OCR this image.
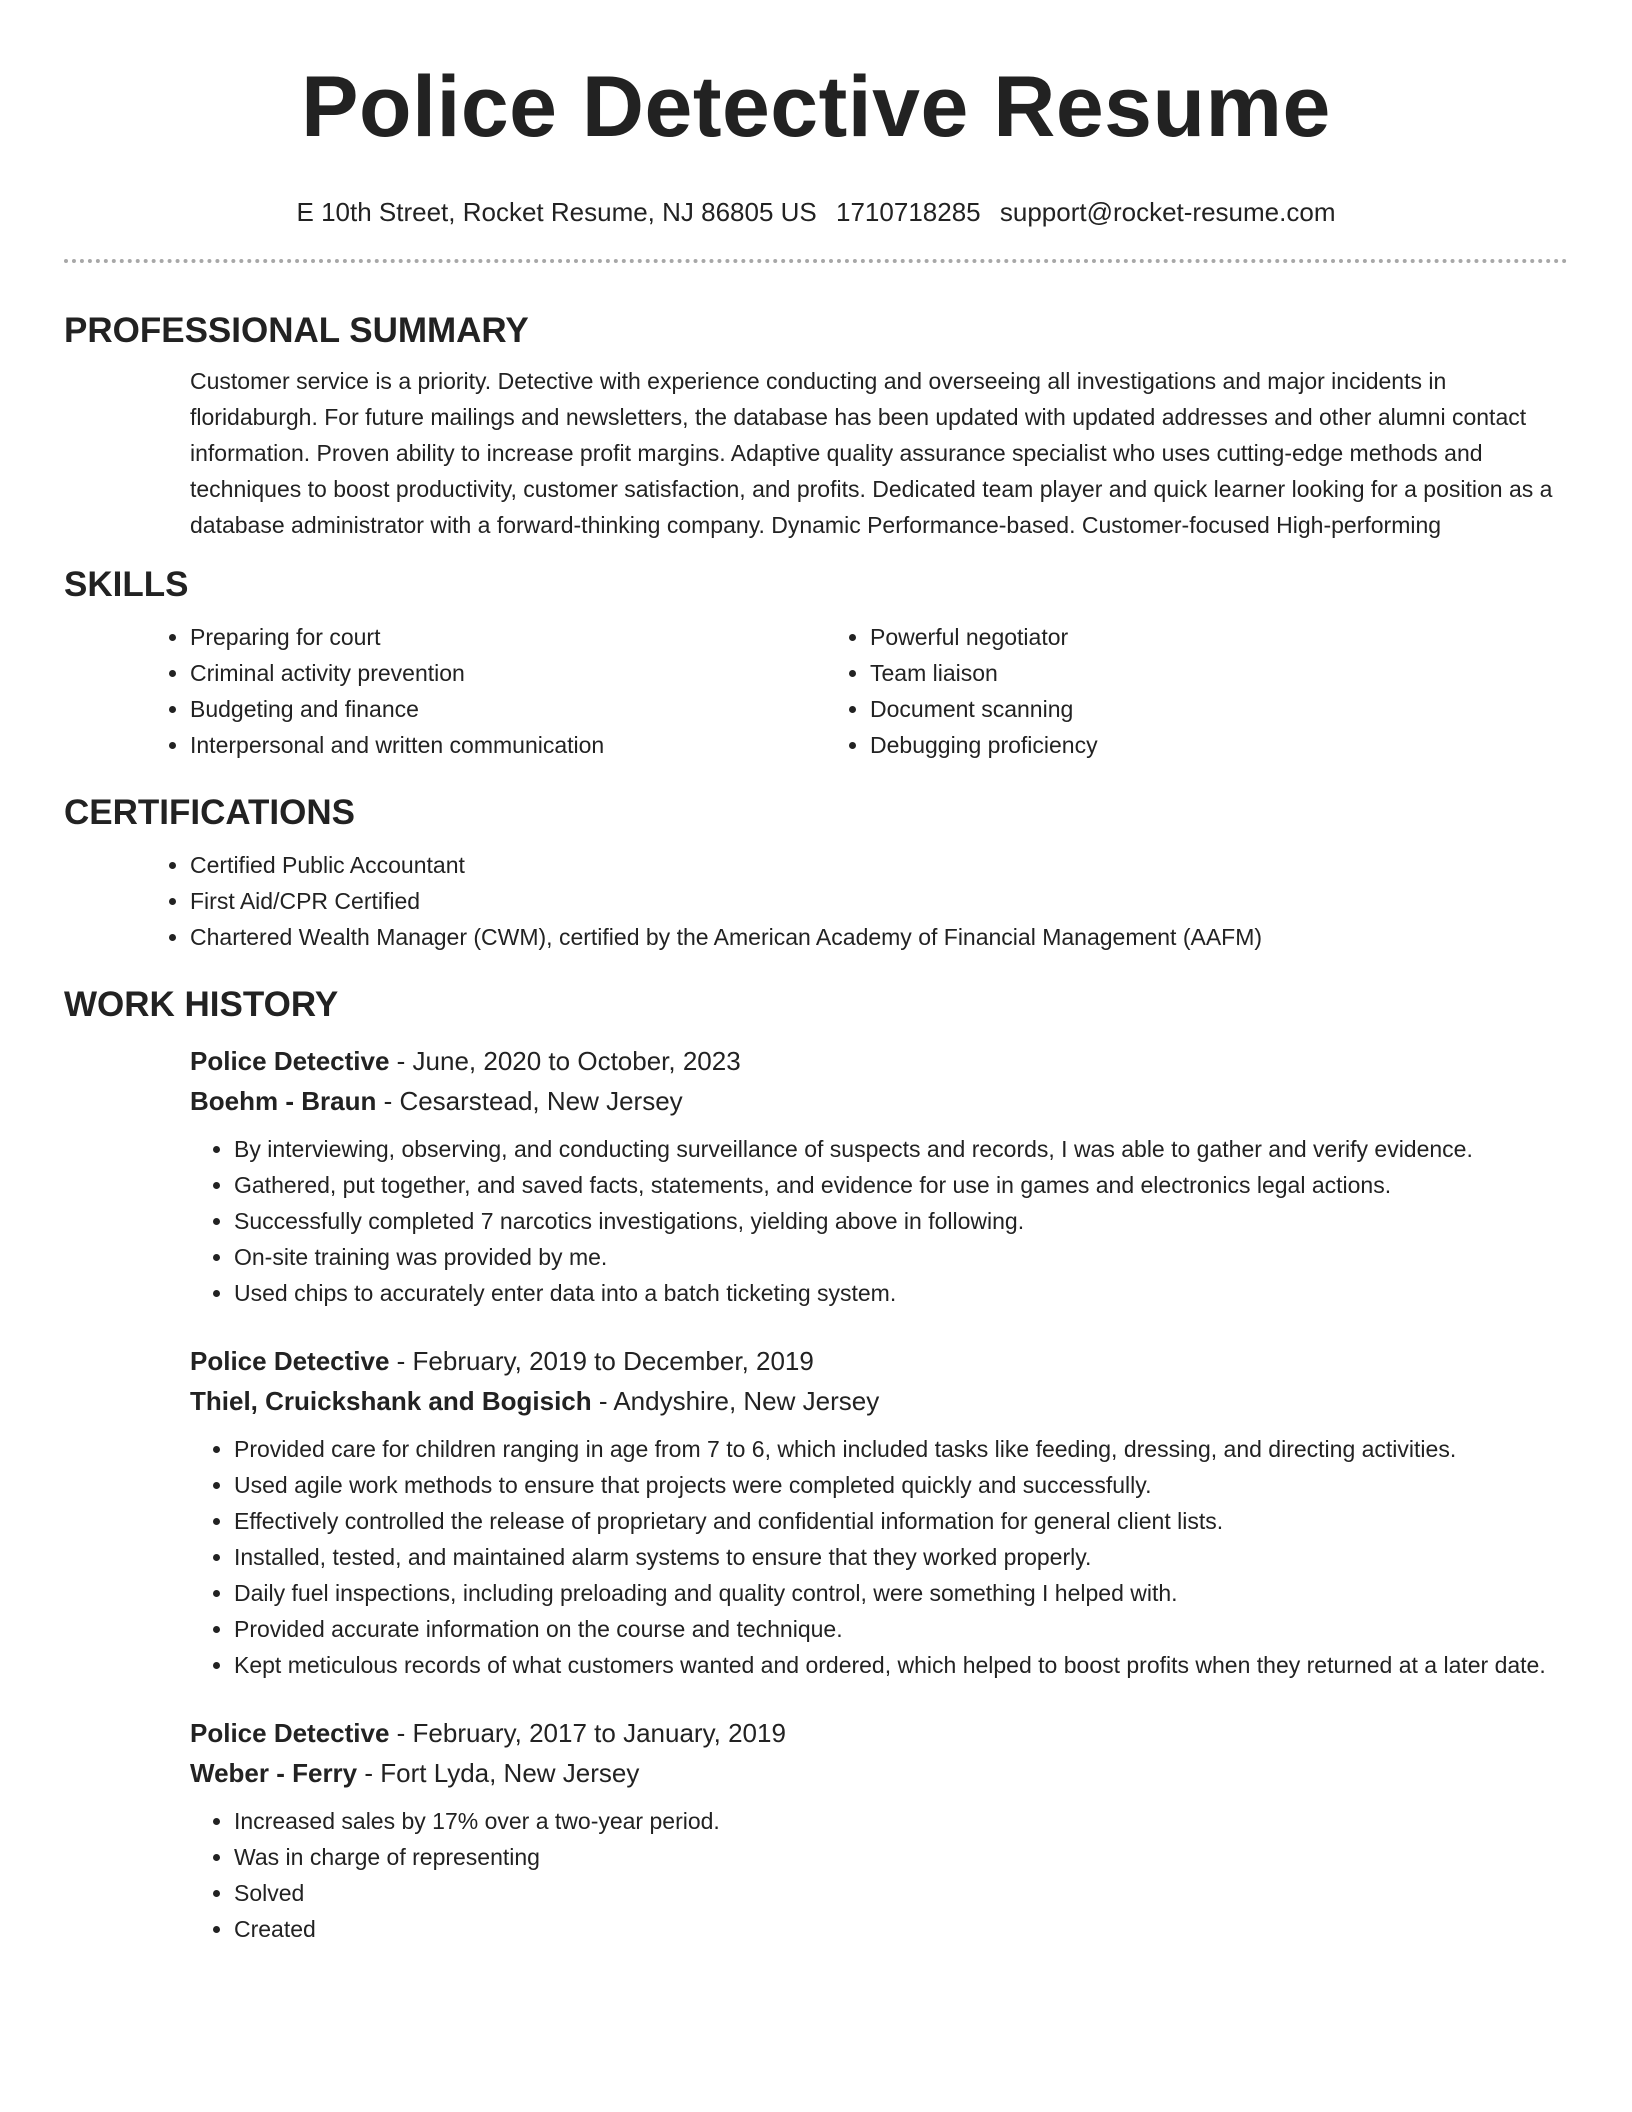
Police Detective Resume
E 10th Street, Rocket Resume, NJ 86805 US 1710718285 support@rocket-resume.com
PROFESSIONAL SUMMARY

Customer service is a priority. Detective with experience conducting and overseeing all investigations and major incidents in floridaburgh. For future mailings and newsletters, the database has been updated with updated addresses and other alumni contact information. Proven ability to increase profit margins. Adaptive quality assurance specialist who uses cutting-edge methods and techniques to boost productivity, customer satisfaction, and profits. Dedicated team player and quick learner looking for a position as a database administrator with a forward-thinking company. Dynamic Performance-based. Customer-focused High-performing

SKILLS
• Preparing for court
• Criminal activity prevention
• Budgeting and finance
• Interpersonal and written communication
• Powerful negotiator
• Team liaison
• Document scanning
• Debugging proficiency
CERTIFICATIONS
• Certified Public Accountant
• First Aid/CPR Certified
• Chartered Wealth Manager (CWM), certified by the American Academy of Financial Management (AAFM)
WORK HISTORY
Police Detective - June, 2020 to October, 2023
Boehm - Braun - Cesarstead, New Jersey
• By interviewing, observing, and conducting surveillance of suspects and records, I was able to gather and verify evidence.
• Gathered, put together, and saved facts, statements, and evidence for use in games and electronics legal actions.
• Successfully completed 7 narcotics investigations, yielding above in following.
• On-site training was provided by me.
• Used chips to accurately enter data into a batch ticketing system.
Police Detective - February, 2019 to December, 2019
Thiel, Cruickshank and Bogisich - Andyshire, New Jersey
• Provided care for children ranging in age from 7 to 6, which included tasks like feeding, dressing, and directing activities.
• Used agile work methods to ensure that projects were completed quickly and successfully.
• Effectively controlled the release of proprietary and confidential information for general client lists.
• Installed, tested, and maintained alarm systems to ensure that they worked properly.
• Daily fuel inspections, including preloading and quality control, were something I helped with.
• Provided accurate information on the course and technique.
• Kept meticulous records of what customers wanted and ordered, which helped to boost profits when they returned at a later date.
Police Detective - February, 2017 to January, 2019
Weber - Ferry - Fort Lyda, New Jersey
• Increased sales by 17% over a two-year period.
• Was in charge of representing
• Solved
• Created
